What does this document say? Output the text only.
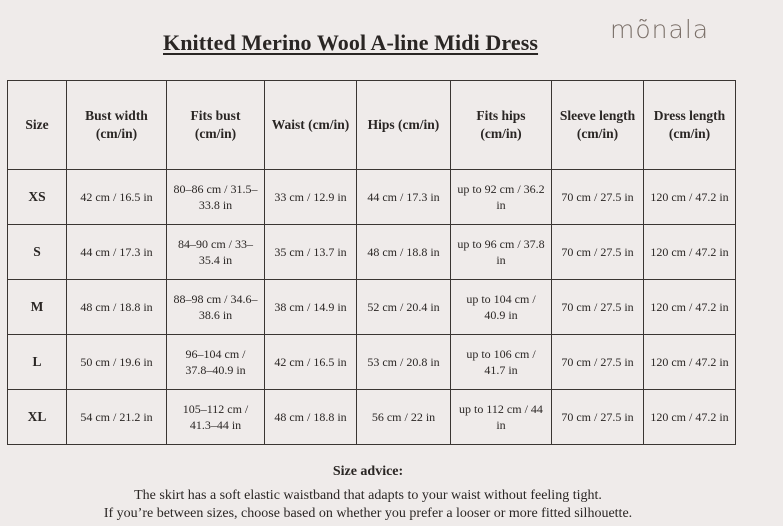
Knitted Merino Wool A-line Midi Dress	mõnala
Size	Bust width (cm/in)	Fits bust (cm/in)	Waist (cm/in)	Hips (cm/in)	Fits hips (cm/in)	Sleeve length (cm/in)	Dress length (cm/in)
XS	42 cm / 16.5 in	80–86 cm / 31.5–33.8 in	33 cm / 12.9 in	44 cm / 17.3 in	up to 92 cm / 36.2 in	70 cm / 27.5 in	120 cm / 47.2 in
S	44 cm / 17.3 in	84–90 cm / 33–35.4 in	35 cm / 13.7 in	48 cm / 18.8 in	up to 96 cm / 37.8 in	70 cm / 27.5 in	120 cm / 47.2 in
M	48 cm / 18.8 in	88–98 cm / 34.6–38.6 in	38 cm / 14.9 in	52 cm / 20.4 in	up to 104 cm / 40.9 in	70 cm / 27.5 in	120 cm / 47.2 in
L	50 cm / 19.6 in	96–104 cm / 37.8–40.9 in	42 cm / 16.5 in	53 cm / 20.8 in	up to 106 cm / 41.7 in	70 cm / 27.5 in	120 cm / 47.2 in
XL	54 cm / 21.2 in	105–112 cm / 41.3–44 in	48 cm / 18.8 in	56 cm / 22 in	up to 112 cm / 44 in	70 cm / 27.5 in	120 cm / 47.2 in
Size advice:
The skirt has a soft elastic waistband that adapts to your waist without feeling tight.
If you’re between sizes, choose based on whether you prefer a looser or more fitted silhouette.
